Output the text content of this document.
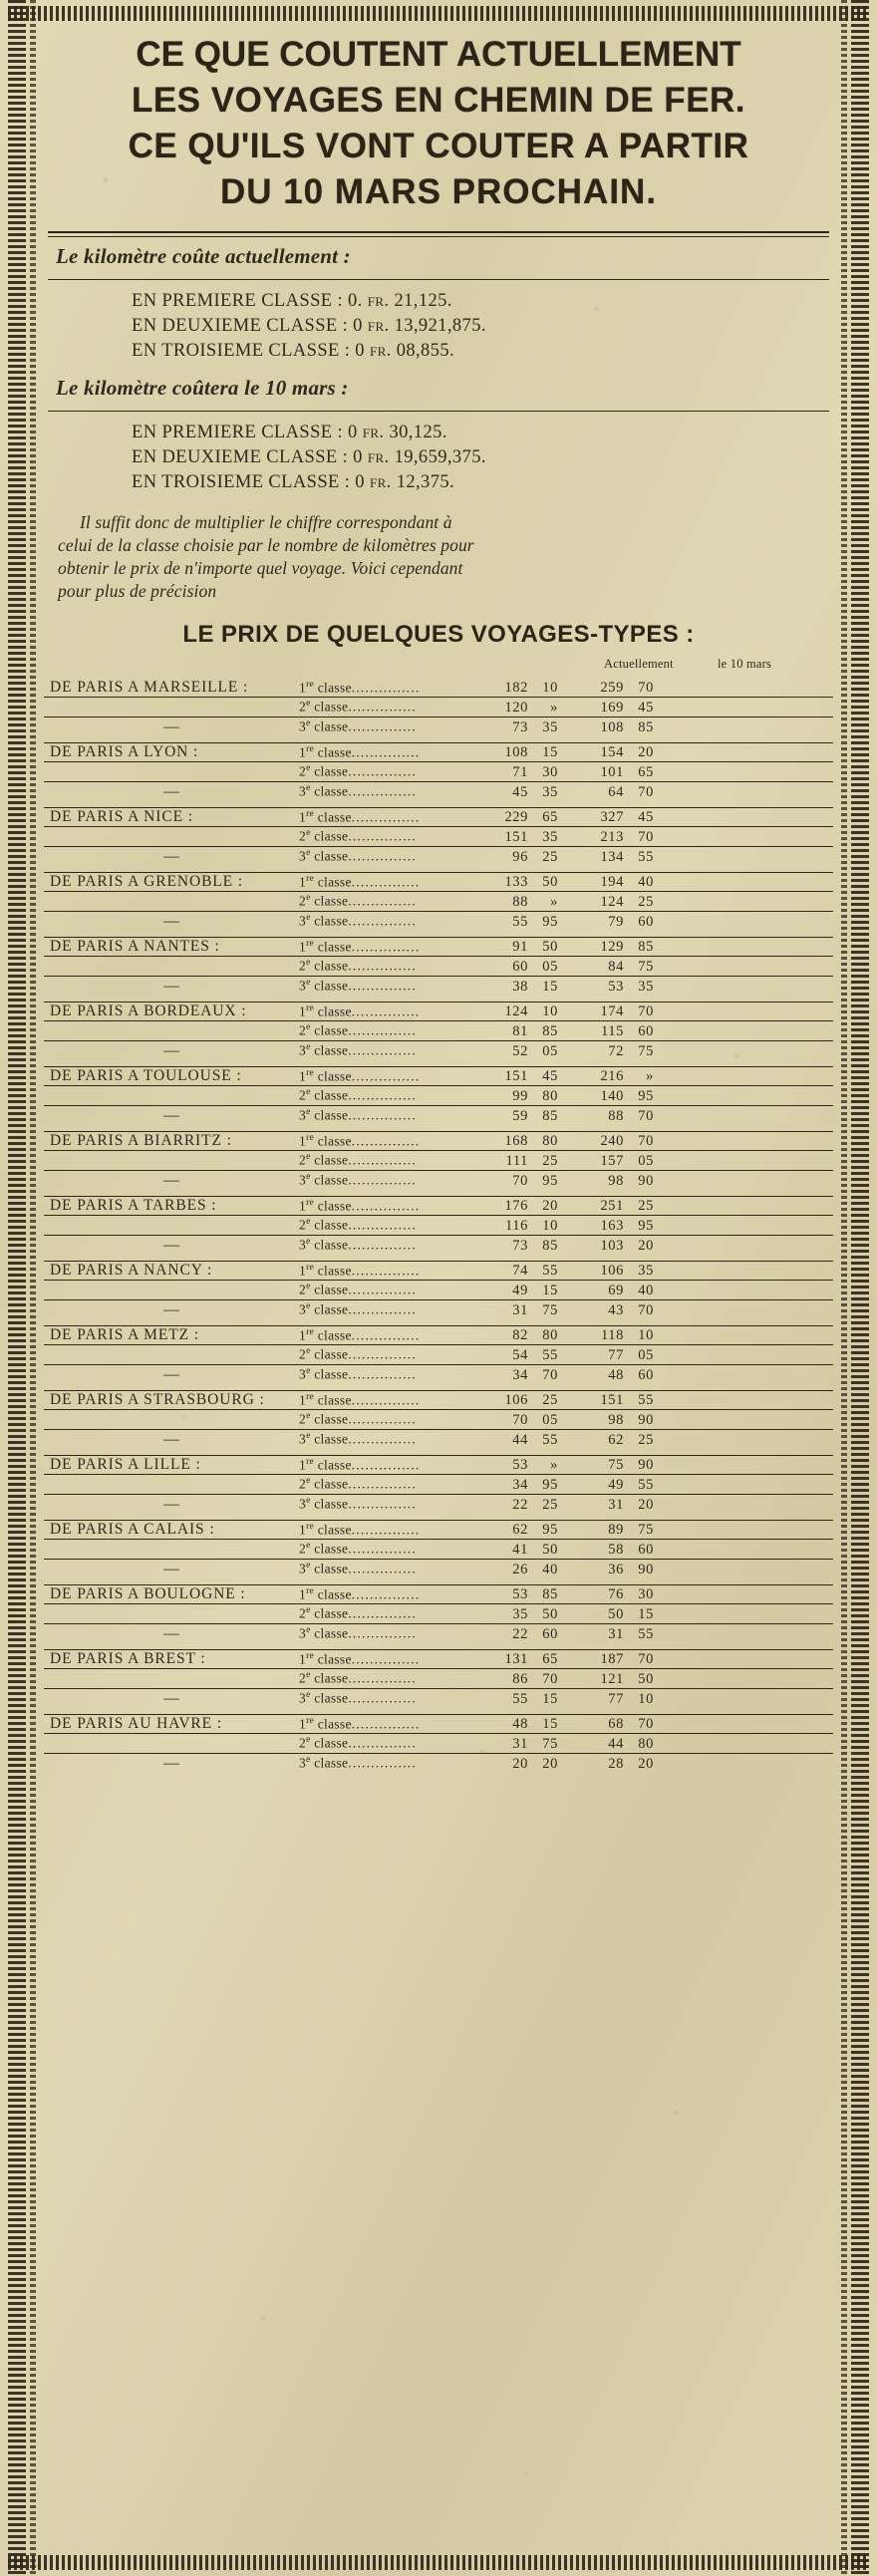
CE QUE COUTENT ACTUELLEMENT
LES VOYAGES EN CHEMIN DE FER.
CE QU'ILS VONT COUTER A PARTIR
DU 10 MARS PROCHAIN.
Le kilomètre coûte actuellement :
EN PREMIERE CLASSE : 0. fr. 21,125.
EN DEUXIEME CLASSE : 0 fr. 13,921,875.
EN TROISIEME CLASSE : 0 fr. 08,855.
Le kilomètre coûtera le 10 mars :
EN PREMIERE CLASSE : 0 fr. 30,125.
EN DEUXIEME CLASSE : 0 fr. 19,659,375.
EN TROISIEME CLASSE : 0 fr. 12,375.
Il suffit donc de multiplier le chiffre correspondant à
celui de la classe choisie par le nombre de kilomètres pour
obtenir le prix de n'importe quel voyage. Voici cependant
pour plus de précision
LE PRIX DE QUELQUES VOYAGES-TYPES :
Actuellement	le 10 mars
DE PARIS A MARSEILLE :	1re classe...............	182 10	259 70
	2e classe...............	120 »	169 45
—	3e classe...............	73 35	108 85

DE PARIS A LYON :	1re classe...............	108 15	154 20
	2e classe...............	71 30	101 65
—	3e classe...............	45 35	64 70

DE PARIS A NICE :	1re classe...............	229 65	327 45
	2e classe...............	151 35	213 70
—	3e classe...............	96 25	134 55

DE PARIS A GRENOBLE :	1re classe...............	133 50	194 40
	2e classe...............	88 »	124 25
—	3e classe...............	55 95	79 60

DE PARIS A NANTES :	1re classe...............	91 50	129 85
	2e classe...............	60 05	84 75
—	3e classe...............	38 15	53 35

DE PARIS A BORDEAUX :	1re classe...............	124 10	174 70
	2e classe...............	81 85	115 60
—	3e classe...............	52 05	72 75

DE PARIS A TOULOUSE :	1re classe...............	151 45	216 »
	2e classe...............	99 80	140 95
—	3e classe...............	59 85	88 70

DE PARIS A BIARRITZ :	1re classe...............	168 80	240 70
	2e classe...............	111 25	157 05
—	3e classe...............	70 95	98 90

DE PARIS A TARBES :	1re classe...............	176 20	251 25
	2e classe...............	116 10	163 95
—	3e classe...............	73 85	103 20

DE PARIS A NANCY :	1re classe...............	74 55	106 35
	2e classe...............	49 15	69 40
—	3e classe...............	31 75	43 70

DE PARIS A METZ :	1re classe...............	82 80	118 10
	2e classe...............	54 55	77 05
—	3e classe...............	34 70	48 60

DE PARIS A STRASBOURG :	1re classe...............	106 25	151 55
	2e classe...............	70 05	98 90
—	3e classe...............	44 55	62 25

DE PARIS A LILLE :	1re classe...............	53 »	75 90
	2e classe...............	34 95	49 55
—	3e classe...............	22 25	31 20

DE PARIS A CALAIS :	1re classe...............	62 95	89 75
	2e classe...............	41 50	58 60
—	3e classe...............	26 40	36 90

DE PARIS A BOULOGNE :	1re classe...............	53 85	76 30
	2e classe...............	35 50	50 15
—	3e classe...............	22 60	31 55

DE PARIS A BREST :	1re classe...............	131 65	187 70
	2e classe...............	86 70	121 50
—	3e classe...............	55 15	77 10

DE PARIS AU HAVRE :	1re classe...............	48 15	68 70
	2e classe...............	31 75	44 80
—	3e classe...............	20 20	28 20
